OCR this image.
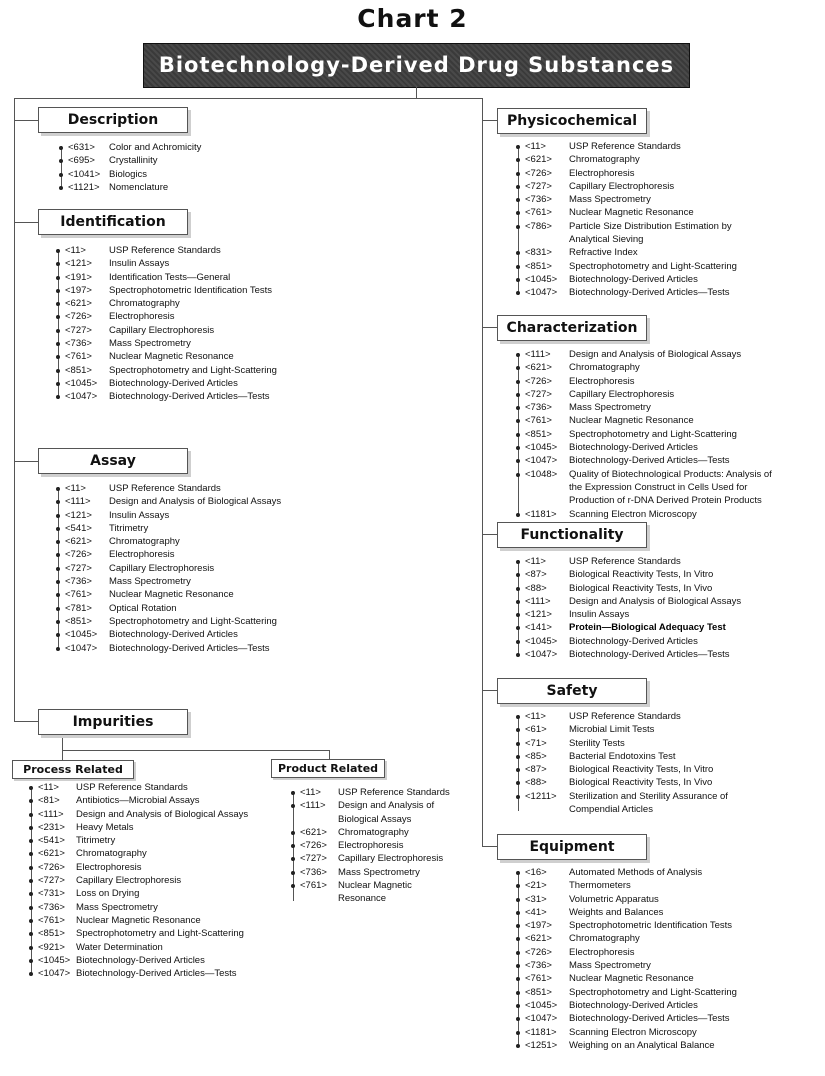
Chart 2
Biotechnology-Derived Drug Substances
Description
Identification
Assay
Impurities
Process Related	Product Related
Physicochemical
Characterization
Functionality
Safety
Equipment
<631> Color and Achromicity
<695> Crystallinity
<1041> Biologics
<1121> Nomenclature
<11> USP Reference Standards
<121> Insulin Assays
<191> Identification Tests—General
<197> Spectrophotometric Identification Tests
<621> Chromatography
<726> Electrophoresis
<727> Capillary Electrophoresis
<736> Mass Spectrometry
<761> Nuclear Magnetic Resonance
<851> Spectrophotometry and Light-Scattering
<1045> Biotechnology-Derived Articles
<1047> Biotechnology-Derived Articles—Tests
<11> USP Reference Standards
<111> Design and Analysis of Biological Assays
<121> Insulin Assays
<541> Titrimetry
<621> Chromatography
<726> Electrophoresis
<727> Capillary Electrophoresis
<736> Mass Spectrometry
<761> Nuclear Magnetic Resonance
<781> Optical Rotation
<851> Spectrophotometry and Light-Scattering
<1045> Biotechnology-Derived Articles
<1047> Biotechnology-Derived Articles—Tests
<11> USP Reference Standards
<81> Antibiotics—Microbial Assays
<111> Design and Analysis of Biological Assays
<231> Heavy Metals
<541> Titrimetry
<621> Chromatography
<726> Electrophoresis
<727> Capillary Electrophoresis
<731> Loss on Drying
<736> Mass Spectrometry
<761> Nuclear Magnetic Resonance
<851> Spectrophotometry and Light-Scattering
<921> Water Determination
<1045> Biotechnology-Derived Articles
<1047> Biotechnology-Derived Articles—Tests
<11> USP Reference Standards
<111> Design and Analysis of Biological Assays
<621> Chromatography
<726> Electrophoresis
<727> Capillary Electrophoresis
<736> Mass Spectrometry
<761> Nuclear Magnetic Resonance
<11> USP Reference Standards
<621> Chromatography
<726> Electrophoresis
<727> Capillary Electrophoresis
<736> Mass Spectrometry
<761> Nuclear Magnetic Resonance
<786> Particle Size Distribution Estimation by Analytical Sieving
<831> Refractive Index
<851> Spectrophotometry and Light-Scattering
<1045> Biotechnology-Derived Articles
<1047> Biotechnology-Derived Articles—Tests
<111> Design and Analysis of Biological Assays
<621> Chromatography
<726> Electrophoresis
<727> Capillary Electrophoresis
<736> Mass Spectrometry
<761> Nuclear Magnetic Resonance
<851> Spectrophotometry and Light-Scattering
<1045> Biotechnology-Derived Articles
<1047> Biotechnology-Derived Articles—Tests
<1048> Quality of Biotechnological Products: Analysis of the Expression Construct in Cells Used for Production of r-DNA Derived Protein Products
<1181> Scanning Electron Microscopy
<11> USP Reference Standards
<87> Biological Reactivity Tests, In Vitro
<88> Biological Reactivity Tests, In Vivo
<111> Design and Analysis of Biological Assays
<121> Insulin Assays
<141> Protein—Biological Adequacy Test
<1045> Biotechnology-Derived Articles
<1047> Biotechnology-Derived Articles—Tests
<11> USP Reference Standards
<61> Microbial Limit Tests
<71> Sterility Tests
<85> Bacterial Endotoxins Test
<87> Biological Reactivity Tests, In Vitro
<88> Biological Reactivity Tests, In Vivo
<1211> Sterilization and Sterility Assurance of Compendial Articles
<16> Automated Methods of Analysis
<21> Thermometers
<31> Volumetric Apparatus
<41> Weights and Balances
<197> Spectrophotometric Identification Tests
<621> Chromatography
<726> Electrophoresis
<736> Mass Spectrometry
<761> Nuclear Magnetic Resonance
<851> Spectrophotometry and Light-Scattering
<1045> Biotechnology-Derived Articles
<1047> Biotechnology-Derived Articles—Tests
<1181> Scanning Electron Microscopy
<1251> Weighing on an Analytical Balance
